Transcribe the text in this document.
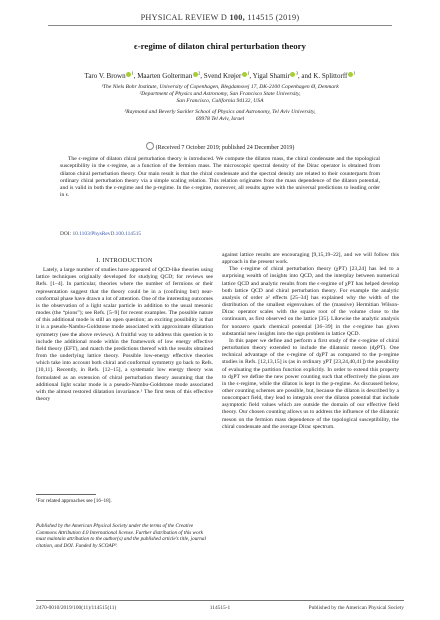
PHYSICAL REVIEW D 100, 114515 (2019)
ϵ-regime of dilaton chiral perturbation theory
Taro V. Brown $^1$, Maarten Golterman $^2$, Svend Krøjer $^1$, Yigal Shamir $^3$, and K. Splittorff $^1$
¹The Niels Bohr Institute, University of Copenhagen, Blegdamsvej 17, DK-2100 Copenhagen Ø, Denmark
²Department of Physics and Astronomy, San Francisco State University,
San Francisco, California 94132, USA
³Raymond and Beverly Sackler School of Physics and Astronomy, Tel Aviv University,
69978 Tel Aviv, Israel
(Received 7 October 2019; published 24 December 2019)
The ϵ-regime of dilaton chiral perturbation theory is introduced. We compute the dilaton mass, the chiral condensate and the topological susceptibility in the ϵ-regime, as a function of the fermion mass. The microscopic spectral density of the Dirac operator is obtained from dilaton chiral perturbation theory. Our main result is that the chiral condensate and the spectral density are related to their counterparts from ordinary chiral perturbation theory via a simple scaling relation. This relation originates from the mass dependence of the dilaton potential, and is valid in both the ϵ-regime and the p-regime. In the ϵ-regime, moreover, all results agree with the universal predictions to leading order in ϵ.
DOI: 10.1103/PhysRevD.100.114515
I. INTRODUCTION

Lately, a large number of studies have appeared of QCD-like theories using lattice techniques originally developed for studying QCD; for reviews see Refs. [1–4]. In particular, theories where the number of fermions or their representation suggest that the theory could be in a (confining but) near-conformal phase have drawn a lot of attention. One of the interesting outcomes is the observation of a light scalar particle in addition to the usual mesonic modes (the “pions”); see Refs. [5–9] for recent examples. The possible nature of this additional mode is still an open question; an exciting possibility is that it is a pseudo-Nambu-Goldstone mode associated with approximate dilatation symmetry (see the above reviews). A fruitful way to address this question is to include the additional mode within the framework of low energy effective field theory (EFT), and match the predictions thereof with the results obtained from the underlying lattice theory. Possible low-energy effective theories which take into account both chiral and conformal symmetry go back to Refs. [10,11]. Recently, in Refs. [12–15], a systematic low energy theory was formulated as an extension of chiral perturbation theory assuming that the additional light scalar mode is a pseudo-Nambu-Goldstone mode associated with the almost restored dilatation invariance.¹ The first tests of this effective theory

¹For related approaches see [16–18].
Published by the American Physical Society under the terms of the Creative Commons Attribution 4.0 International license. Further distribution of this work must maintain attribution to the author(s) and the published article’s title, journal citation, and DOI. Funded by SCOAP³.

against lattice results are encouraging [9,15,19–22], and we will follow this approach in the present work.

The ϵ-regime of chiral perturbation theory (χPT) [23,24] has led to a surprising wealth of insights into QCD, and the interplay between numerical lattice QCD and analytic results from the ϵ-regime of χPT has helped develop both lattice QCD and chiral perturbation theory. For example the analytic analysis of order a² effects [25–34] has explained why the width of the distribution of the smallest eigenvalues of the (massive) Hermitian Wilson-Dirac operator scales with the square root of the volume close to the continuum, as first observed on the lattice [35]. Likewise the analytic analysis for nonzero quark chemical potential [36–39] in the ϵ-regime has given substantial new insights into the sign problem in lattice QCD.

In this paper we define and perform a first study of the ϵ-regime of chiral perturbation theory extended to include the dilatonic meson (dχPT). One technical advantage of the ϵ-regime of dχPT as compared to the p-regime studies in Refs. [12,13,15] is (as in ordinary χPT [23,24,40,41]) the possibility of evaluating the partition function explicitly. In order to extend this property to dχPT we define the new power counting such that effectively the pions are in the ϵ-regime, while the dilaton is kept in the p-regime. As discussed below, other counting schemes are possible, but, because the dilaton is described by a noncompact field, they lead to integrals over the dilaton potential that include asymptotic field values which are outside the domain of our effective field theory. Our chosen counting allows us to address the influence of the dilatonic meson on the fermion mass dependence of the topological susceptibility, the chiral condensate and the average Dirac spectrum.

2470-0010/2019/100(11)/114515(11)	114515-1	Published by the American Physical Society
